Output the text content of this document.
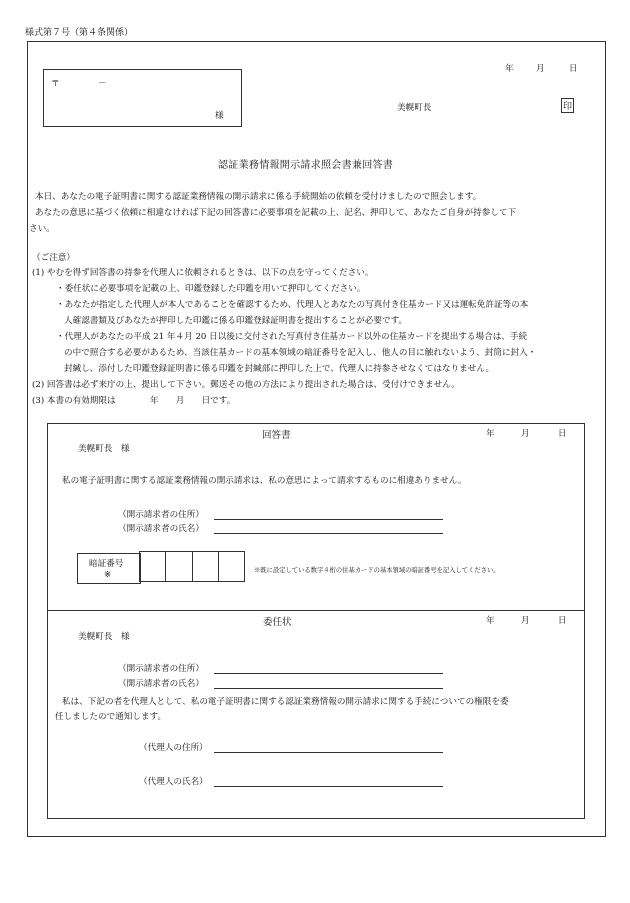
様式第７号（第４条関係）
年	月	日
〒	－
様
美幌町長	印
認証業務情報開示請求照会書兼回答書
本日、あなたの電子証明書に関する認証業務情報の開示請求に係る手続開始の依頼を受付けましたので照会します。
あなたの意思に基づく依頼に相違なければ下記の回答書に必要事項を記載の上、記名、押印して、あなたご自身が持参して下
さい。
（ご注意）
(1) やむを得ず回答書の持参を代理人に依頼されるときは、以下の点を守ってください。
・委任状に必要事項を記載の上、印鑑登録した印鑑を用いて押印してください。
・あなたが指定した代理人が本人であることを確認するため、代理人とあなたの写真付き住基カード又は運転免許証等の本
人確認書類及びあなたが押印した印鑑に係る印鑑登録証明書を提出することが必要です。
・代理人があなたの平成 21 年４月 20 日以後に交付された写真付き住基カード以外の住基カードを提出する場合は、手続
の中で照合する必要があるため、当該住基カードの基本領域の暗証番号を記入し、他人の目に触れないよう、封筒に封入・
封緘し、添付した印鑑登録証明書に係る印鑑を封緘部に押印した上で、代理人に持参させなくてはなりません。
(2) 回答書は必ず来庁の上、提出して下さい。郵送その他の方法により提出された場合は、受付けできません。
(3) 本書の有効期限は　　　　年　　月　　日です。
回答書	年	月	日
美幌町長　様
私の電子証明書に関する認証業務情報の開示請求は、私の意思によって請求するものに相違ありません。
（開示請求者の住所）
（開示請求者の氏名）
暗証番号
※	※既に設定している数字４桁の住基カードの基本領域の暗証番号を記入してください。
委任状	年	月	日
美幌町長　様
（開示請求者の住所）
（開示請求者の氏名）
私は、下記の者を代理人として、私の電子証明書に関する認証業務情報の開示請求に関する手続についての権限を委
任しましたので通知します。
（代理人の住所）
（代理人の氏名）
